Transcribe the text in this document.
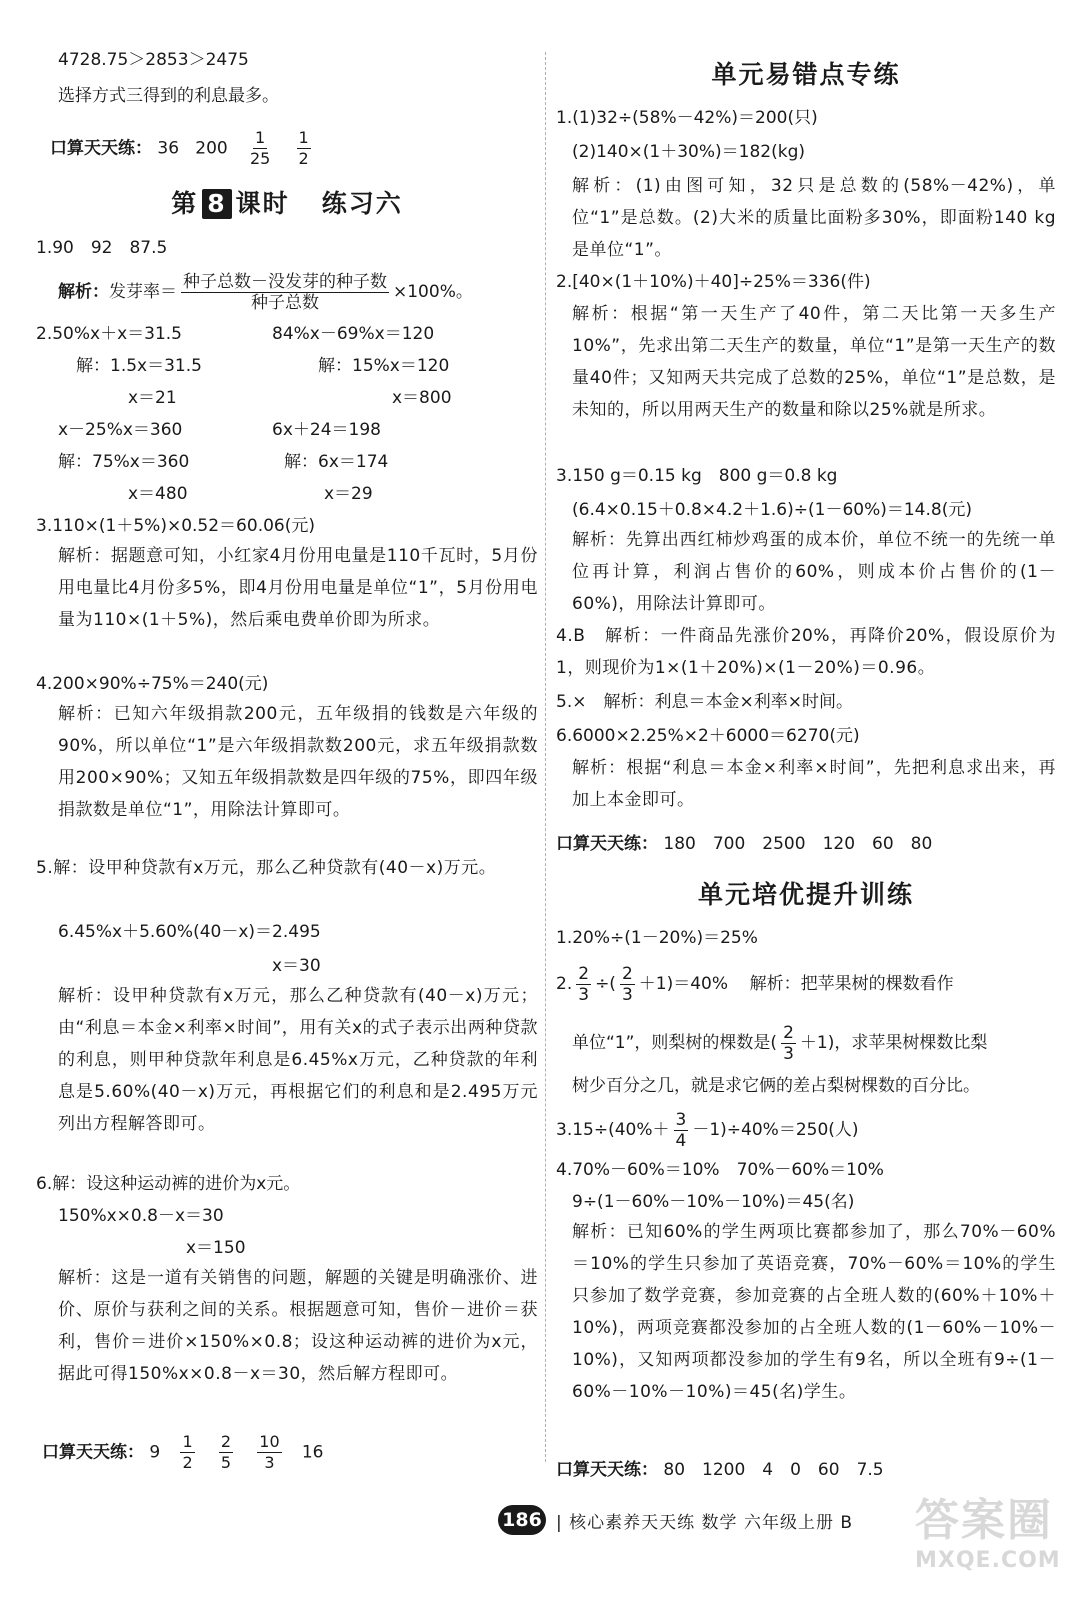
4728.75＞2853＞2475
选择方式三得到的利息最多。
口算天天练： 36 $200 \frac{1}{25}$
$\frac{1}{2}$
第 8 课时 练习六
1.90　92　87.5
解析：发芽率＝ $\frac{\text{种子总数－没发芽的种子数}}{\text{种子总数}} \times 100\%$。
2.50%x＋x＝31.5	84%x－69%x＝120
解：1.5x＝31.5	解：15%x＝120
x＝21	x＝800
x－25%x＝360	6x＋24＝198
解：75%x＝360	解：6x＝174
x＝480	x＝29
3.110×(1＋5%)×0.52＝60.06(元)
解析：据题意可知，小红家4月份用电量是110千瓦时，5月份用电量比4月份多5%，即4月份用电量是单位“1”，5月份用电量为110×(1＋5%)，然后乘电费单价即为所求。
4.200×90%÷75%＝240(元)
解析：已知六年级捐款200元，五年级捐的钱数是六年级的90%，所以单位“1”是六年级捐款数200元，求五年级捐款数用200×90%；又知五年级捐款数是四年级的75%，即四年级捐款数是单位“1”，用除法计算即可。
5.解：设甲种贷款有x万元，那么乙种贷款有(40－x)万元。
6.45%x＋5.60%(40－x)＝2.495
x＝30
解析：设甲种贷款有x万元，那么乙种贷款有(40－x)万元；由“利息＝本金×利率×时间”，用有关x的式子表示出两种贷款的利息，则甲种贷款年利息是6.45%x万元，乙种贷款的年利息是5.60%(40－x)万元，再根据它们的利息和是2.495万元列出方程解答即可。
6.解：设这种运动裤的进价为x元。
150%x×0.8－x＝30
x＝150
解析：这是一道有关销售的问题，解题的关键是明确涨价、进价、原价与获利之间的关系。根据题意可知，售价－进价＝获利，售价＝进价×150%×0.8；设这种运动裤的进价为x元，据此可得150%x×0.8－x＝30，然后解方程即可。
口算天天练： $9 \frac{1}{2}$
$\frac{2}{5}$
$\frac{10}{3} 16$
单元易错点专练
1.(1)32÷(58%－42%)＝200(只)
(2)140×(1＋30%)＝182(kg)
解析：(1)由图可知，32只是总数的(58%－42%)，单位“1”是总数。(2)大米的质量比面粉多30%，即面粉140 kg是单位“1”。
2.[40×(1＋10%)＋40]÷25%＝336(件)
解析：根据“第一天生产了40件，第二天比第一天多生产10%”，先求出第二天生产的数量，单位“1”是第一天生产的数量40件；又知两天共完成了总数的25%，单位“1”是总数，是未知的，所以用两天生产的数量和除以25%就是所求。
3.150 g＝0.15 kg　800 g＝0.8 kg
(6.4×0.15＋0.8×4.2＋1.6)÷(1－60%)＝14.8(元)
解析：先算出西红柿炒鸡蛋的成本价，单位不统一的先统一单位再计算，利润占售价的60%，则成本价占售价的(1－60%)，用除法计算即可。
4.B　解析：一件商品先涨价20%，再降价20%，假设原价为1，则现价为1×(1＋20%)×(1－20%)＝0.96。
5.×　解析：利息＝本金×利率×时间。
6.6000×2.25%×2＋6000＝6270(元)
解析：根据“利息＝本金×利率×时间”，先把利息求出来，再加上本金即可。
口算天天练： 180　700　2500　120　60　80
单元培优提升训练
1.20%÷(1－20%)＝25%
2. $\frac{2}{3}$ ÷( $\frac{2}{3} +1)=40\%$ 解析：把苹果树的棵数看作
单位“1”，则梨树的棵数是( $\frac{2}{3} +1$)，求苹果树棵数比梨
树少百分之几，就是求它俩的差占梨树棵数的百分比。
$3.15\div(40\%+ \frac{3}{4} -1)\div 40\%=250$(人)
4.70%－60%＝10%　70%－60%＝10%
9÷(1－60%－10%－10%)＝45(名)
解析：已知60%的学生两项比赛都参加了，那么70%－60%＝10%的学生只参加了英语竞赛，70%－60%＝10%的学生只参加了数学竞赛，参加竞赛的占全班人数的(60%＋10%＋10%)，两项竞赛都没参加的占全班人数的(1－60%－10%－10%)，又知两项都没参加的学生有9名，所以全班有9÷(1－60%－10%－10%)＝45(名)学生。
口算天天练： 80　1200　4　0　60　7.5
186 | 核心素养天天练 数学 六年级上册 B 答案圈
MXQE.COM
